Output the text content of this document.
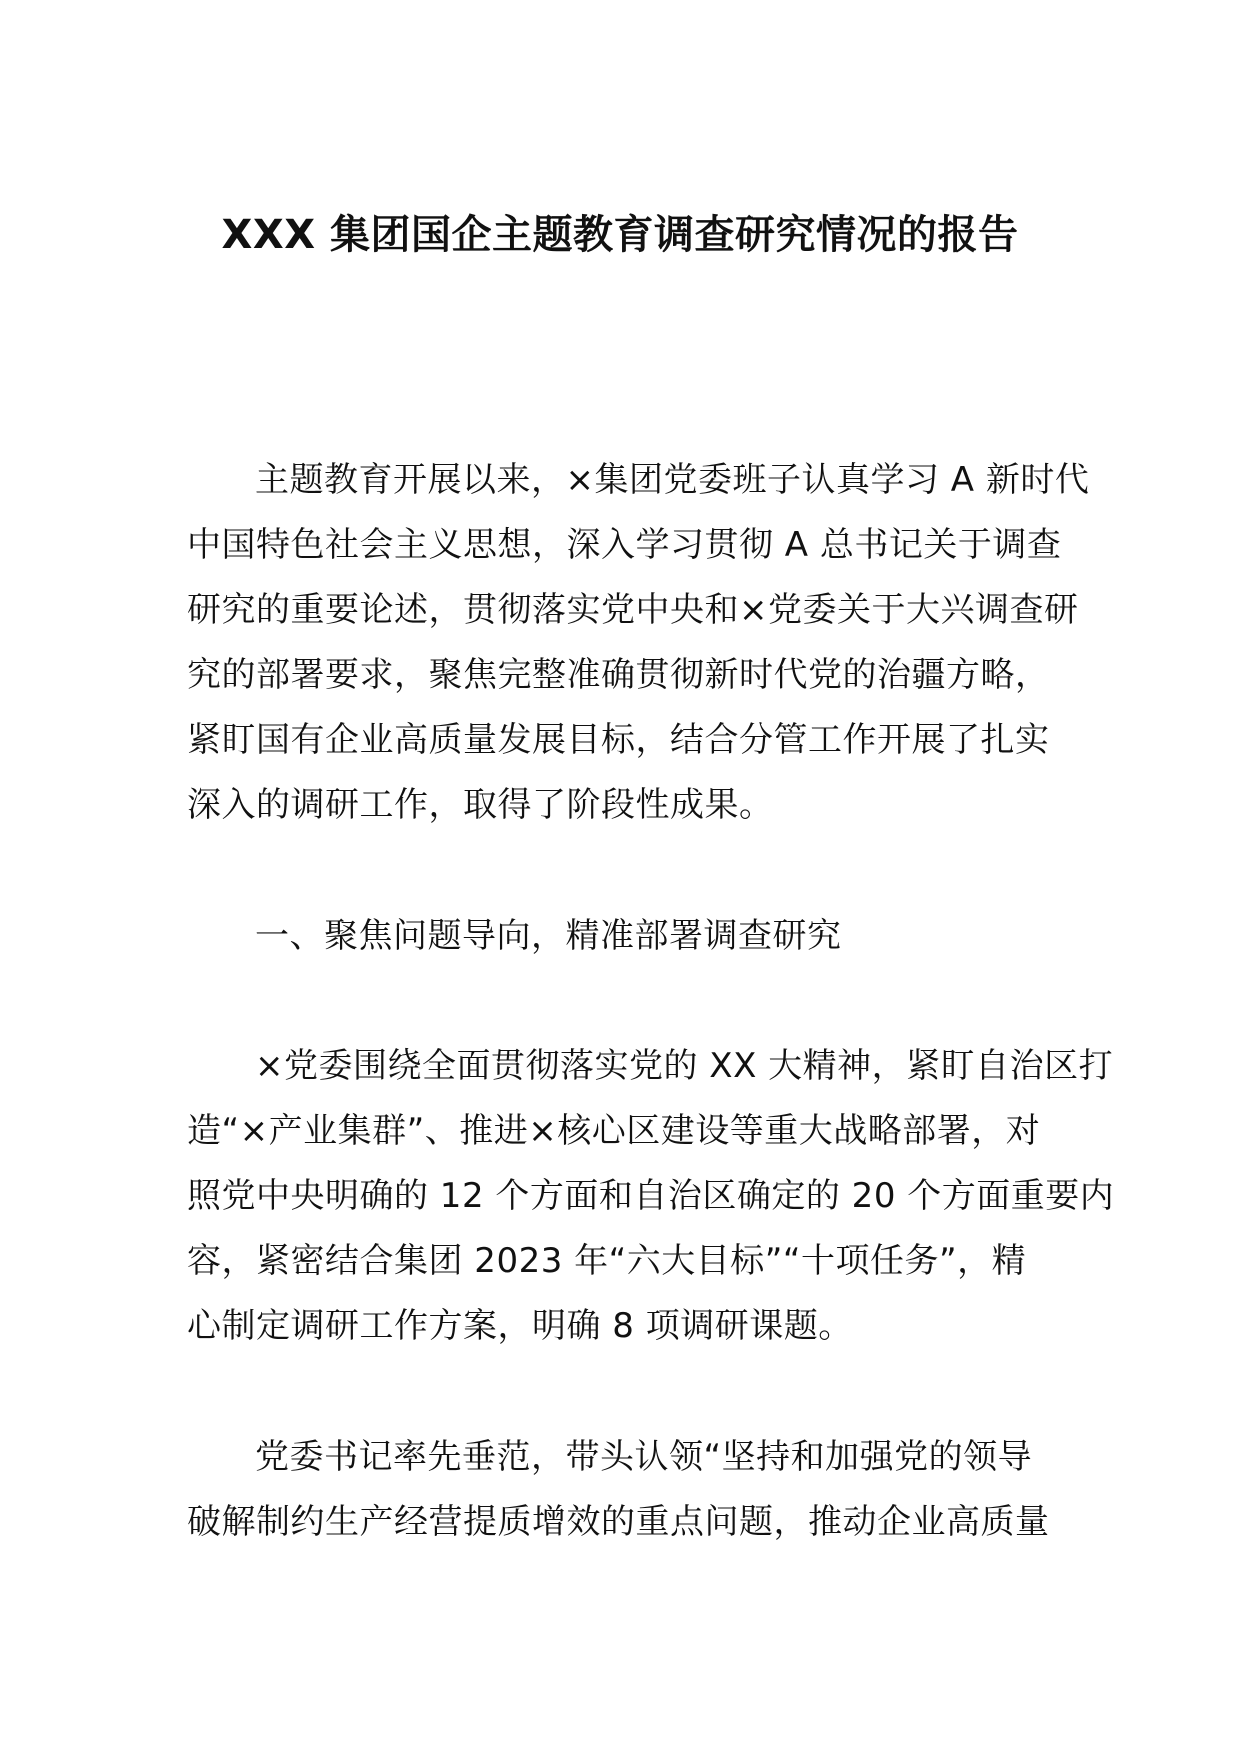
XXX 集团国企主题教育调查研究情况的报告
主题教育开展以来，×集团党委班子认真学习 A 新时代
中国特色社会主义思想，深入学习贯彻 A 总书记关于调查
研究的重要论述，贯彻落实党中央和×党委关于大兴调查研
究的部署要求，聚焦完整准确贯彻新时代党的治疆方略，
紧盯国有企业高质量发展目标，结合分管工作开展了扎实
深入的调研工作，取得了阶段性成果。
一、聚焦问题导向，精准部署调查研究
×党委围绕全面贯彻落实党的 XX 大精神，紧盯自治区打
造“×产业集群”、推进×核心区建设等重大战略部署，对
照党中央明确的 12 个方面和自治区确定的 20 个方面重要内
容，紧密结合集团 2023 年“六大目标”“十项任务”，精
心制定调研工作方案，明确 8 项调研课题。
党委书记率先垂范，带头认领“坚持和加强党的领导
破解制约生产经营提质增效的重点问题，推动企业高质量
